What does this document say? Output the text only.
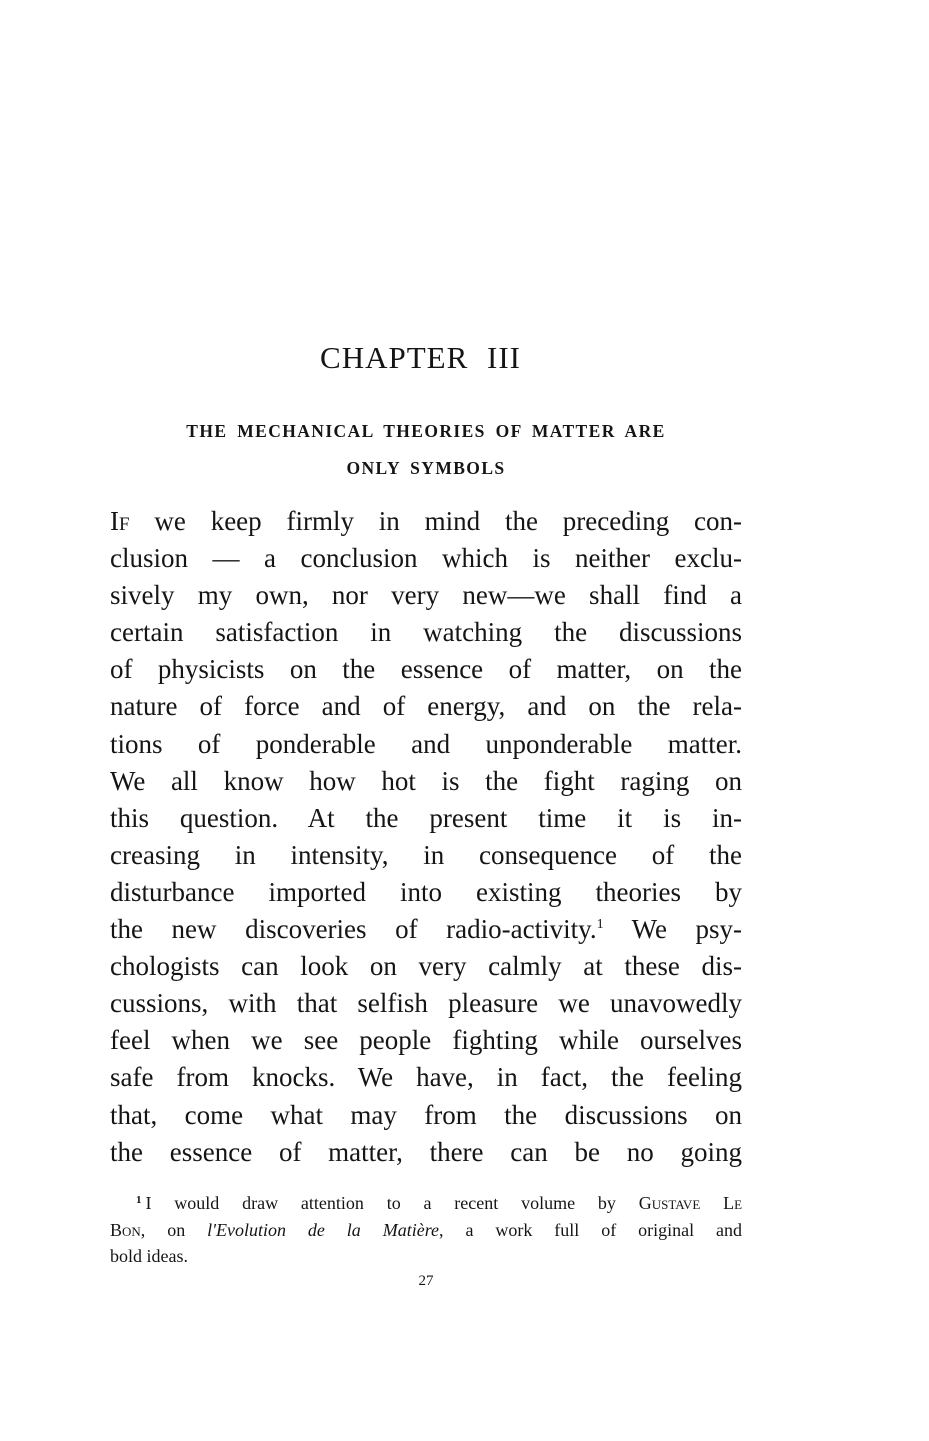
CHAPTER III
THE MECHANICAL THEORIES OF MATTER ARE
ONLY SYMBOLS
If we keep firmly in mind the preceding con-
clusion — a conclusion which is neither exclu-
sively my own, nor very new—we shall find a
certain satisfaction in watching the discussions
of physicists on the essence of matter, on the
nature of force and of energy, and on the rela-
tions of ponderable and unponderable matter.
We all know how hot is the fight raging on
this question. At the present time it is in-
creasing in intensity, in consequence of the
disturbance imported into existing theories by
the new discoveries of radio-activity.$^1$ We psy-
chologists can look on very calmly at these dis-
cussions, with that selfish pleasure we unavowedly
feel when we see people fighting while ourselves
safe from knocks. We have, in fact, the feeling
that, come what may from the discussions on
the essence of matter, there can be no going
$^1$ I would draw attention to a recent volume by Gustave Le
Bon, on l'Evolution de la Matière, a work full of original and
bold ideas.
27
